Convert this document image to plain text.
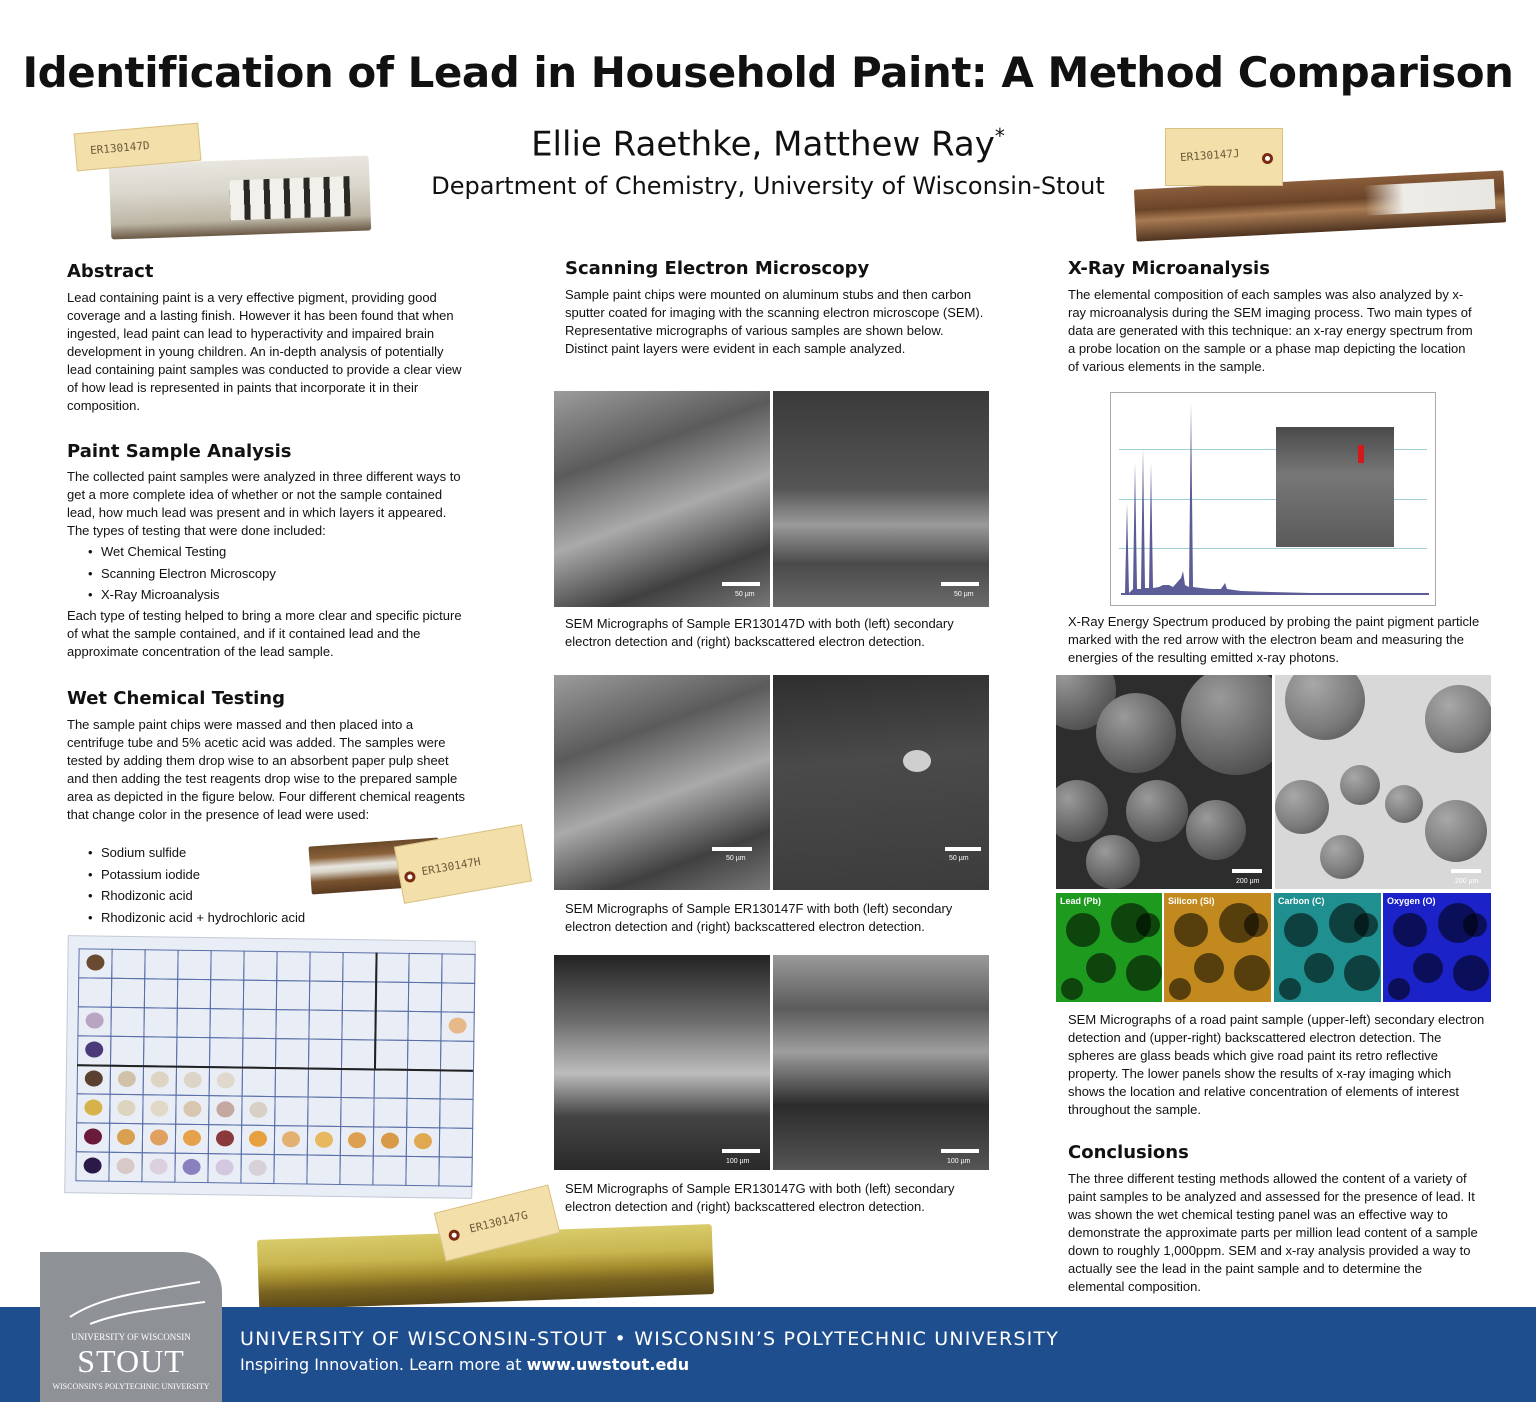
Identification of Lead in Household Paint: A Method Comparison
Ellie Raethke, Matthew Ray*
Department of Chemistry, University of Wisconsin-Stout
ER130147D	ER130147J
Abstract

Lead containing paint is a very effective pigment, providing good coverage and a lasting finish. However it has been found that when ingested, lead paint can lead to hyperactivity and impaired brain development in young children. An in-depth analysis of potentially lead containing paint samples was conducted to provide a clear view of how lead is represented in paints that incorporate it in their composition.

Paint Sample Analysis

The collected paint samples were analyzed in three different ways to get a more complete idea of whether or not the sample contained lead, how much lead was present and in which layers it appeared. The types of testing that were done included:

• Wet Chemical Testing
• Scanning Electron Microscopy
• X-Ray Microanalysis

Each type of testing helped to bring a more clear and specific picture of what the sample contained, and if it contained lead and the approximate concentration of the lead sample.

Wet Chemical Testing

The sample paint chips were massed and then placed into a centrifuge tube and 5% acetic acid was added. The samples were tested by adding them drop wise to an absorbent paper pulp sheet and then adding the test reagents drop wise to the prepared sample area as depicted in the figure below. Four different chemical reagents that change color in the presence of lead were used:

• Sodium sulfide
• Potassium iodide
• Rhodizonic acid
• Rhodizonic acid + hydrochloric acid
ER130147H
ER130147G
Scanning Electron Microscopy

Sample paint chips were mounted on aluminum stubs and then carbon sputter coated for imaging with the scanning electron microscope (SEM). Representative micrographs of various samples are shown below. Distinct paint layers were evident in each sample analyzed.

50 µm	50 µm

SEM Micrographs of Sample ER130147D with both (left) secondary electron detection and (right) backscattered electron detection.

50 µm	50 µm

SEM Micrographs of Sample ER130147F with both (left) secondary electron detection and (right) backscattered electron detection.

100 µm	100 µm

SEM Micrographs of Sample ER130147G with both (left) secondary electron detection and (right) backscattered electron detection.

X-Ray Microanalysis

The elemental composition of each samples was also analyzed by x-ray microanalysis during the SEM imaging process. Two main types of data are generated with this technique: an x-ray energy spectrum from a probe location on the sample or a phase map depicting the location of various elements in the sample.

X-Ray Energy Spectrum produced by probing the paint pigment particle marked with the red arrow with the electron beam and measuring the energies of the resulting emitted x-ray photons.

200 µm	200 µm
Lead (Pb)	Silicon (Si)	Carbon (C)	Oxygen (O)

SEM Micrographs of a road paint sample (upper-left) secondary electron detection and (upper-right) backscattered electron detection. The spheres are glass beads which give road paint its retro reflective property. The lower panels show the results of x-ray imaging which shows the location and relative concentration of elements of interest throughout the sample.

Conclusions

The three different testing methods allowed the content of a variety of paint samples to be analyzed and assessed for the presence of lead. It was shown the wet chemical testing panel was an effective way to demonstrate the approximate parts per million lead content of a sample down to roughly 1,000ppm. SEM and x-ray analysis provided a way to actually see the lead in the paint sample and to determine the elemental composition.

UNIVERSITY OF WISCONSIN-STOUT • WISCONSIN’S POLYTECHNIC UNIVERSITY
Inspiring Innovation. Learn more at www.uwstout.edu
UNIVERSITY OF WISCONSIN
STOUT
WISCONSIN'S POLYTECHNIC UNIVERSITY
